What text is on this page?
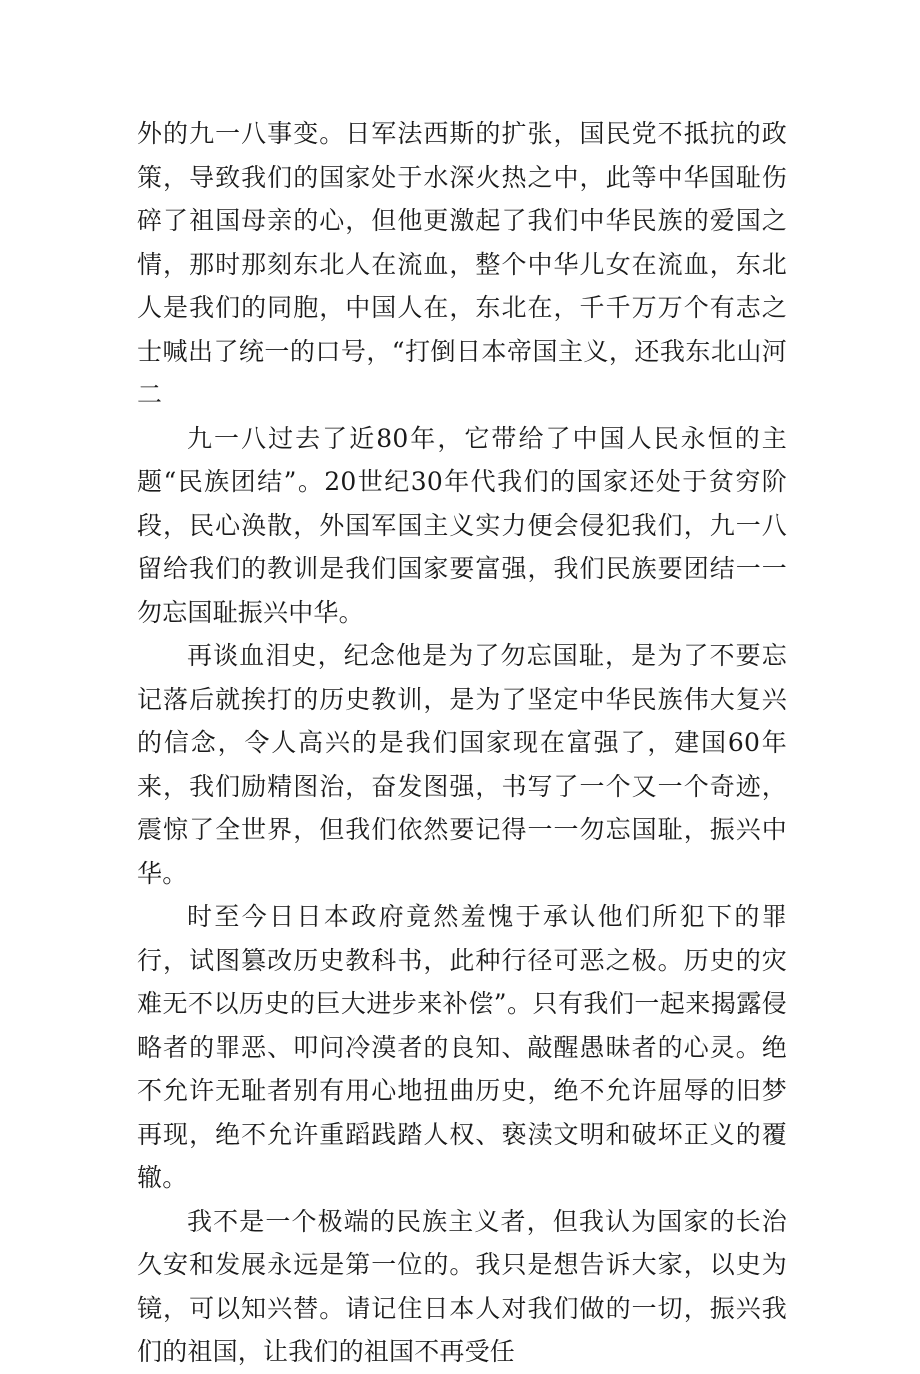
外的九一八事变。日军法西斯的扩张，国民党不抵抗的政策，导致我们的国家处于水深火热之中，此等中华国耻伤碎了祖国母亲的心，但他更激起了我们中华民族的爱国之情，那时那刻东北人在流血，整个中华儿女在流血，东北人是我们的同胞，中国人在，东北在，千千万万个有志之士喊出了统一的口号，“打倒日本帝国主义，还我东北山河二

九一八过去了近80年，它带给了中国人民永恒的主题“民族团结”。20世纪30年代我们的国家还处于贫穷阶段，民心涣散，外国军国主义实力便会侵犯我们，九一八留给我们的教训是我们国家要富强，我们民族要团结一一勿忘国耻振兴中华。

再谈血泪史，纪念他是为了勿忘国耻，是为了不要忘记落后就挨打的历史教训，是为了坚定中华民族伟大复兴的信念，令人高兴的是我们国家现在富强了，建国60年来，我们励精图治，奋发图强，书写了一个又一个奇迹，震惊了全世界，但我们依然要记得一一勿忘国耻，振兴中华。

时至今日日本政府竟然羞愧于承认他们所犯下的罪行，试图篡改历史教科书，此种行径可恶之极。历史的灾难无不以历史的巨大进步来补偿”。只有我们一起来揭露侵略者的罪恶、叩问冷漠者的良知、敲醒愚昧者的心灵。绝不允许无耻者别有用心地扭曲历史，绝不允许屈辱的旧梦再现，绝不允许重蹈践踏人权、亵渎文明和破坏正义的覆辙。

我不是一个极端的民族主义者，但我认为国家的长治久安和发展永远是第一位的。我只是想告诉大家，以史为镜，可以知兴替。请记住日本人对我们做的一切，振兴我们的祖国，让我们的祖国不再受任
